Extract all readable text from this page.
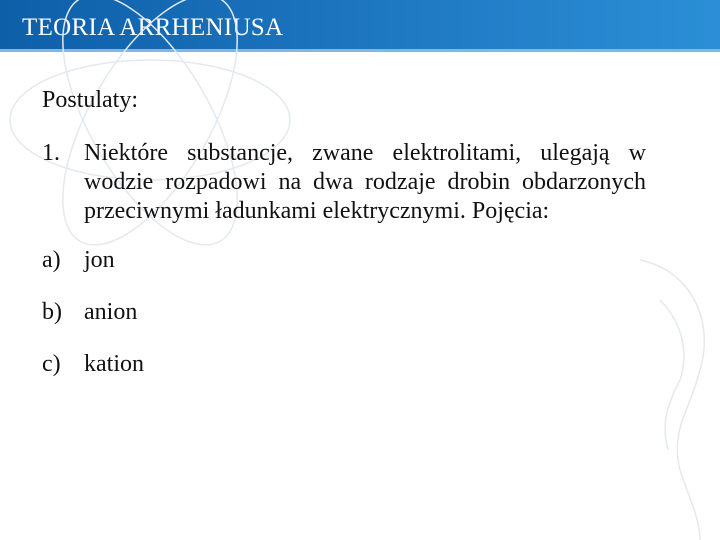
TEORIA ARRHENIUSA
Postulaty:
1.	Niektóre substancje, zwane elektrolitami, ulegają w wodzie rozpadowi na dwa rodzaje drobin obdarzonych przeciwnymi ładunkami elektrycznymi. Pojęcia:
a) jon
b) anion
c) kation
